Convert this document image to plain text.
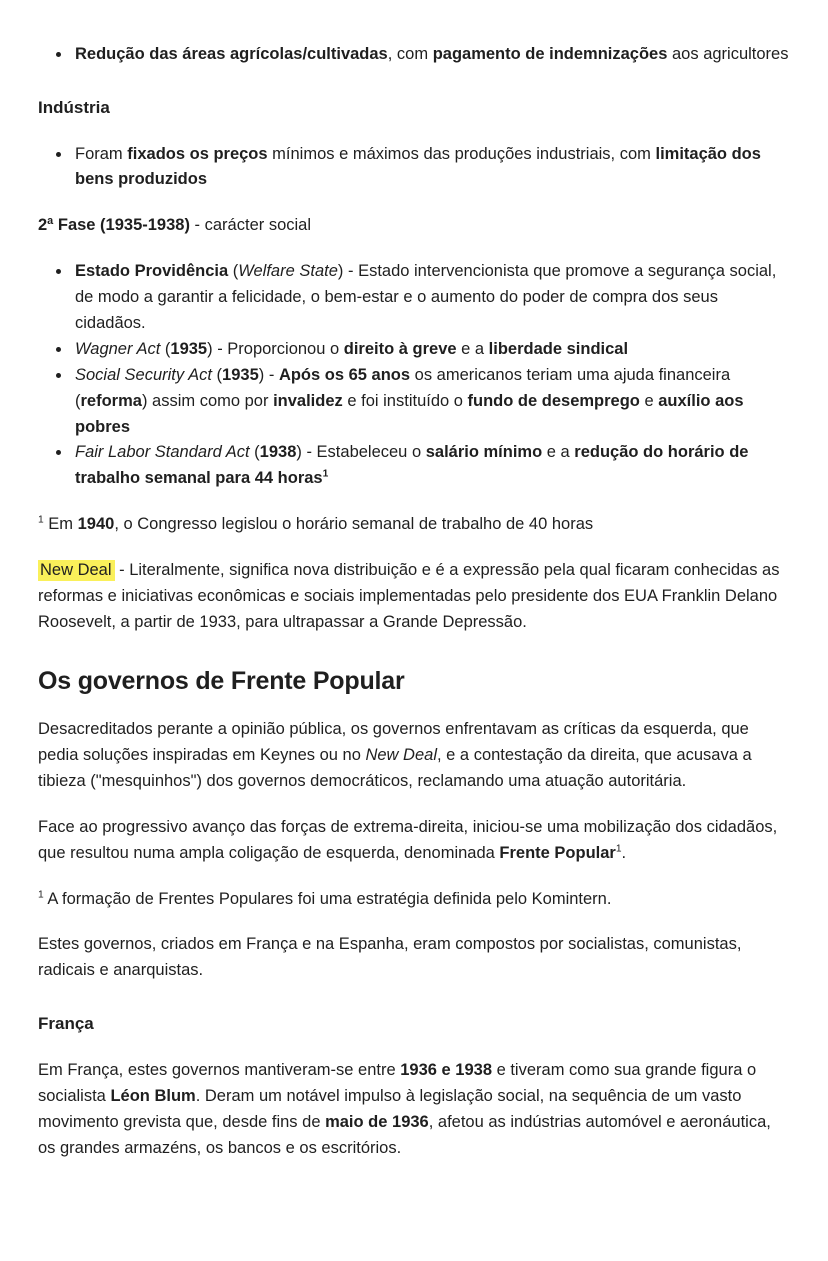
• Redução das áreas agrícolas/cultivadas, com pagamento de indemnizações aos agricultores
Indústria
• Foram fixados os preços mínimos e máximos das produções industriais, com limitação dos bens produzidos

2ª Fase (1935-1938) - carácter social

• Estado Providência (Welfare State) - Estado intervencionista que promove a segurança social, de modo a garantir a felicidade, o bem-estar e o aumento do poder de compra dos seus cidadãos.
• Wagner Act (1935) - Proporcionou o direito à greve e a liberdade sindical
• Social Security Act (1935) - Após os 65 anos os americanos teriam uma ajuda financeira (reforma) assim como por invalidez e foi instituído o fundo de desemprego e auxílio aos pobres
• Fair Labor Standard Act (1938) - Estabeleceu o salário mínimo e a redução do horário de trabalho semanal para 44 horas$^1$

$^1$ Em 1940, o Congresso legislou o horário semanal de trabalho de 40 horas

New Deal - Literalmente, significa nova distribuição e é a expressão pela qual ficaram conhecidas as reformas e iniciativas econômicas e sociais implementadas pelo presidente dos EUA Franklin Delano Roosevelt, a partir de 1933, para ultrapassar a Grande Depressão.

Os governos de Frente Popular

Desacreditados perante a opinião pública, os governos enfrentavam as críticas da esquerda, que pedia soluções inspiradas em Keynes ou no New Deal, e a contestação da direita, que acusava a tibieza ("mesquinhos") dos governos democráticos, reclamando uma atuação autoritária.

Face ao progressivo avanço das forças de extrema-direita, iniciou-se uma mobilização dos cidadãos, que resultou numa ampla coligação de esquerda, denominada Frente Popular$^1$.

$^1$ A formação de Frentes Populares foi uma estratégia definida pelo Komintern.

Estes governos, criados em França e na Espanha, eram compostos por socialistas, comunistas, radicais e anarquistas.

França

Em França, estes governos mantiveram-se entre 1936 e 1938 e tiveram como sua grande figura o socialista Léon Blum. Deram um notável impulso à legislação social, na sequência de um vasto movimento grevista que, desde fins de maio de 1936, afetou as indústrias automóvel e aeronáutica, os grandes armazéns, os bancos e os escritórios.
